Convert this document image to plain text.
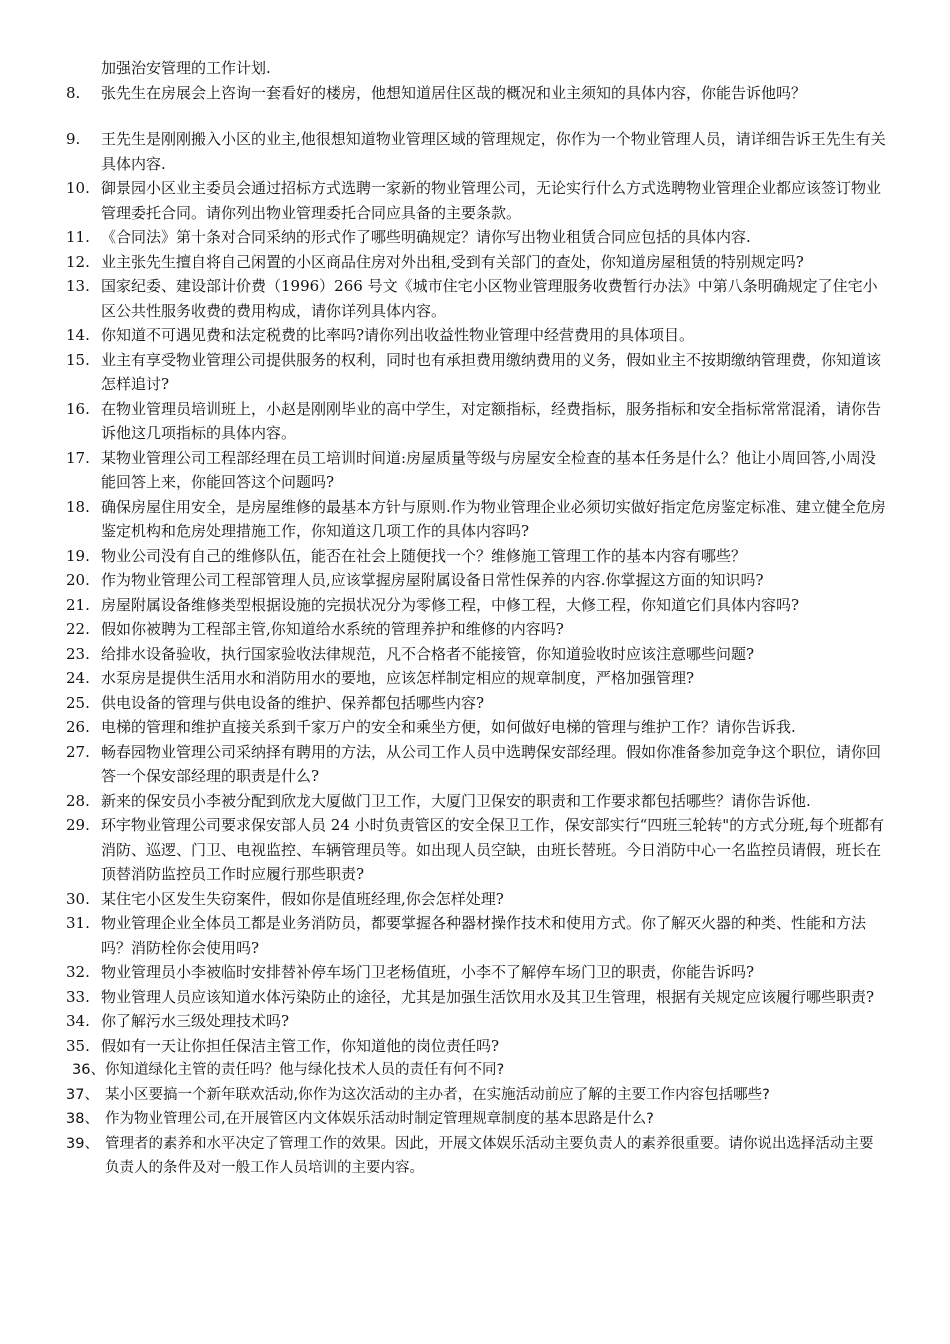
加强治安管理的工作计划.
8.	张先生在房展会上咨询一套看好的楼房，他想知道居住区哉的概况和业主须知的具体内容，你能告诉他吗？
9.	王先生是刚刚搬入小区的业主,他很想知道物业管理区域的管理规定，你作为一个物业管理人员，请详细告诉王先生有关具体内容.
10. 御景园小区业主委员会通过招标方式选聘一家新的物业管理公司，无论实行什么方式选聘物业管理企业都应该签订物业管理委托合同。请你列出物业管理委托合同应具备的主要条款。
11. 《合同法》第十条对合同采纳的形式作了哪些明确规定？请你写出物业租赁合同应包括的具体内容.
12. 业主张先生擅自将自己闲置的小区商品住房对外出租,受到有关部门的查处，你知道房屋租赁的特别规定吗?
13. 国家纪委、建设部计价费（1996）266 号文《城市住宅小区物业管理服务收费暂行办法》中第八条明确规定了住宅小区公共性服务收费的费用构成，请你详列具体内容。
14. 你知道不可遇见费和法定税费的比率吗?请你列出收益性物业管理中经营费用的具体项目。
15. 业主有享受物业管理公司提供服务的权利，同时也有承担费用缴纳费用的义务，假如业主不按期缴纳管理费，你知道该怎样追讨?
16. 在物业管理员培训班上，小赵是刚刚毕业的高中学生，对定额指标，经费指标，服务指标和安全指标常常混淆，请你告诉他这几项指标的具体内容。
17. 某物业管理公司工程部经理在员工培训时间道:房屋质量等级与房屋安全检查的基本任务是什么？他让小周回答,小周没能回答上来，你能回答这个问题吗?
18. 确保房屋住用安全，是房屋维修的最基本方针与原则.作为物业管理企业必须切实做好指定危房鉴定标准、建立健全危房鉴定机构和危房处理措施工作，你知道这几项工作的具体内容吗?
19. 物业公司没有自己的维修队伍，能否在社会上随便找一个？维修施工管理工作的基本内容有哪些？
20. 作为物业管理公司工程部管理人员,应该掌握房屋附属设备日常性保养的内容.你掌握这方面的知识吗?
21. 房屋附属设备维修类型根据设施的完损状况分为零修工程，中修工程，大修工程，你知道它们具体内容吗?
22. 假如你被聘为工程部主管,你知道给水系统的管理养护和维修的内容吗?
23. 给排水设备验收，执行国家验收法律规范，凡不合格者不能接管，你知道验收时应该注意哪些问题?
24. 水泵房是提供生活用水和消防用水的要地，应该怎样制定相应的规章制度，严格加强管理?
25. 供电设备的管理与供电设备的维护、保养都包括哪些内容?
26. 电梯的管理和维护直接关系到千家万户的安全和乘坐方便，如何做好电梯的管理与维护工作？请你告诉我.
27. 畅春园物业管理公司采纳择有聘用的方法，从公司工作人员中选聘保安部经理。假如你准备参加竞争这个职位，请你回答一个保安部经理的职责是什么?
28. 新来的保安员小李被分配到欣龙大厦做门卫工作，大厦门卫保安的职责和工作要求都包括哪些？请你告诉他.
29. 环宇物业管理公司要求保安部人员 24 小时负责管区的安全保卫工作，保安部实行“四班三轮转"的方式分班,每个班都有消防、巡逻、门卫、电视监控、车辆管理员等。如出现人员空缺，由班长替班。今日消防中心一名监控员请假，班长在顶替消防监控员工作时应履行那些职责?
30. 某住宅小区发生失窃案件，假如你是值班经理,你会怎样处理?
31. 物业管理企业全体员工都是业务消防员，都要掌握各种器材操作技术和使用方式。你了解灭火器的种类、性能和方法吗？消防栓你会使用吗?
32. 物业管理员小李被临时安排替补停车场门卫老杨值班，小李不了解停车场门卫的职责，你能告诉吗?
33. 物业管理人员应该知道水体污染防止的途径，尤其是加强生活饮用水及其卫生管理，根据有关规定应该履行哪些职责?
34. 你了解污水三级处理技术吗?
35. 假如有一天让你担任保洁主管工作，你知道他的岗位责任吗?
36、 你知道绿化主管的责任吗？他与绿化技术人员的责任有何不同?
37、 某小区要搞一个新年联欢活动,你作为这次活动的主办者，在实施活动前应了解的主要工作内容包括哪些?
38、 作为物业管理公司,在开展管区内文体娱乐活动时制定管理规章制度的基本思路是什么?
39、 管理者的素养和水平决定了管理工作的效果。因此，开展文体娱乐活动主要负责人的素养很重要。请你说出选择活动主要负责人的条件及对一般工作人员培训的主要内容。
